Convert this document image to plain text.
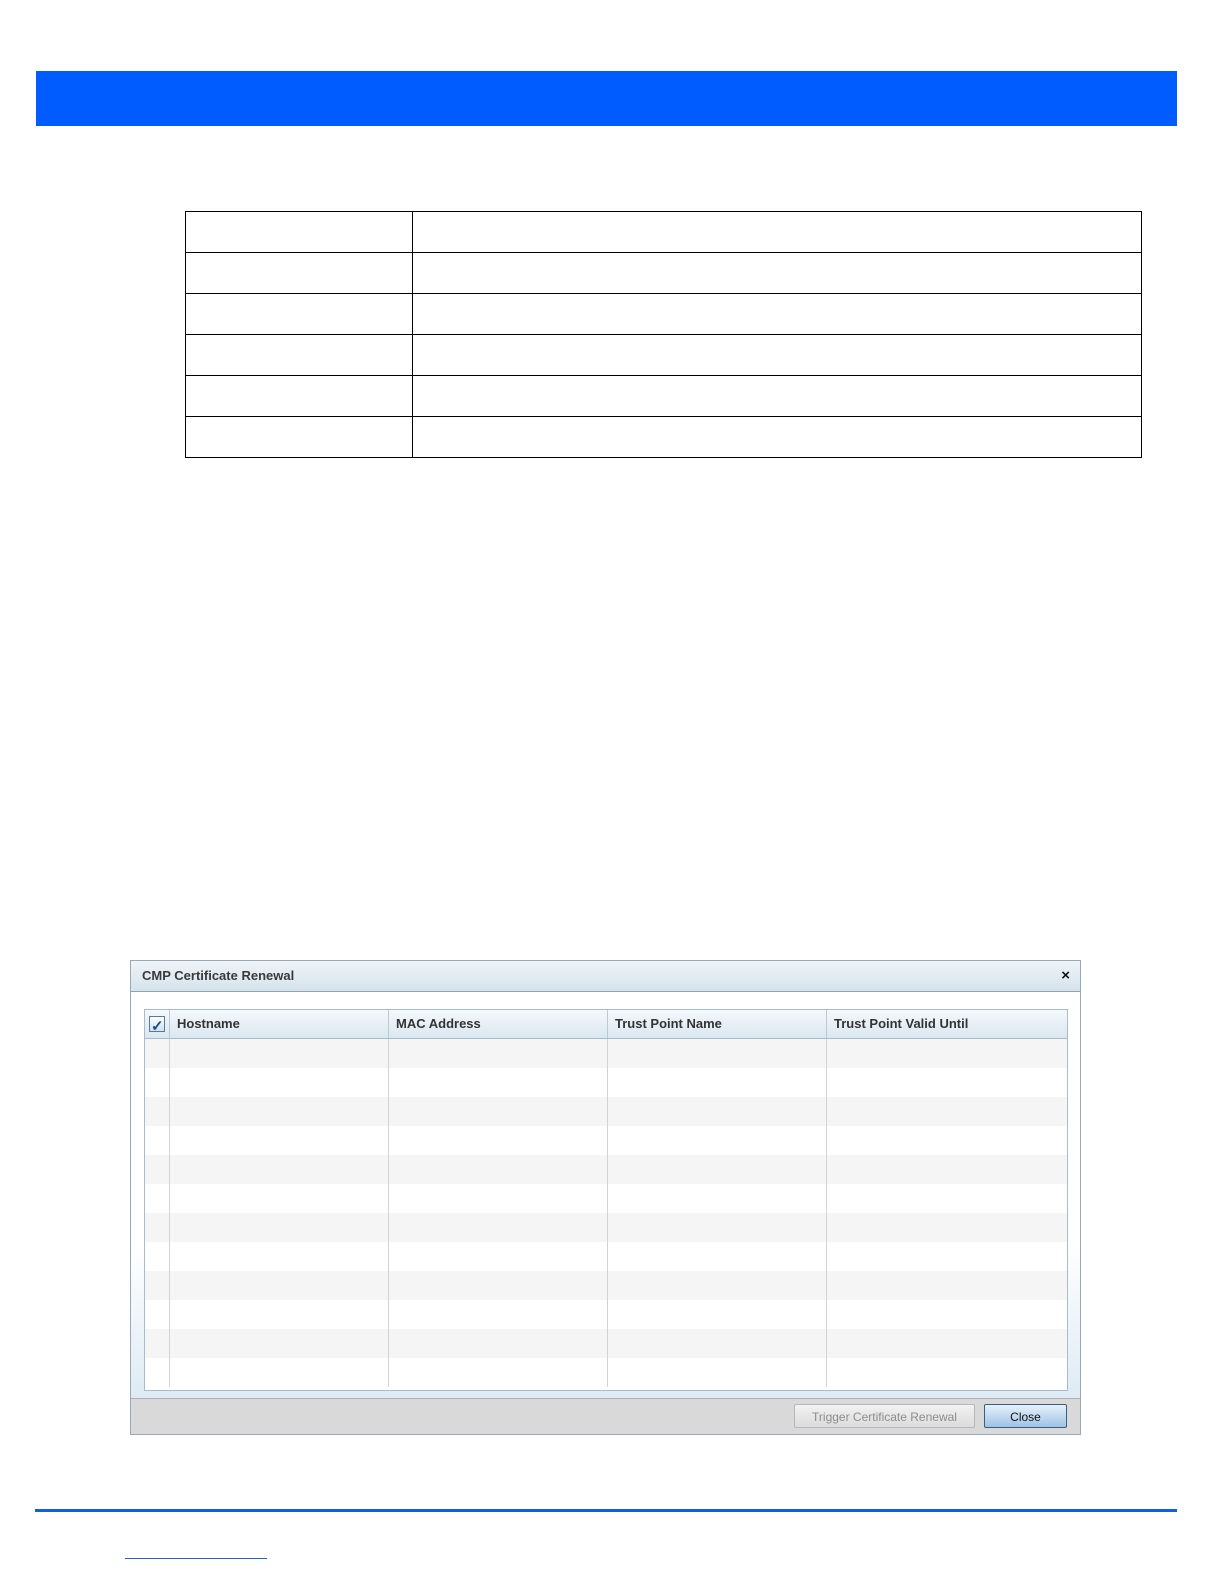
CMP Certificate Renewal	×
✓	Hostname	MAC Address	Trust Point Name	Trust Point Valid Until
Trigger Certificate Renewal	Close
